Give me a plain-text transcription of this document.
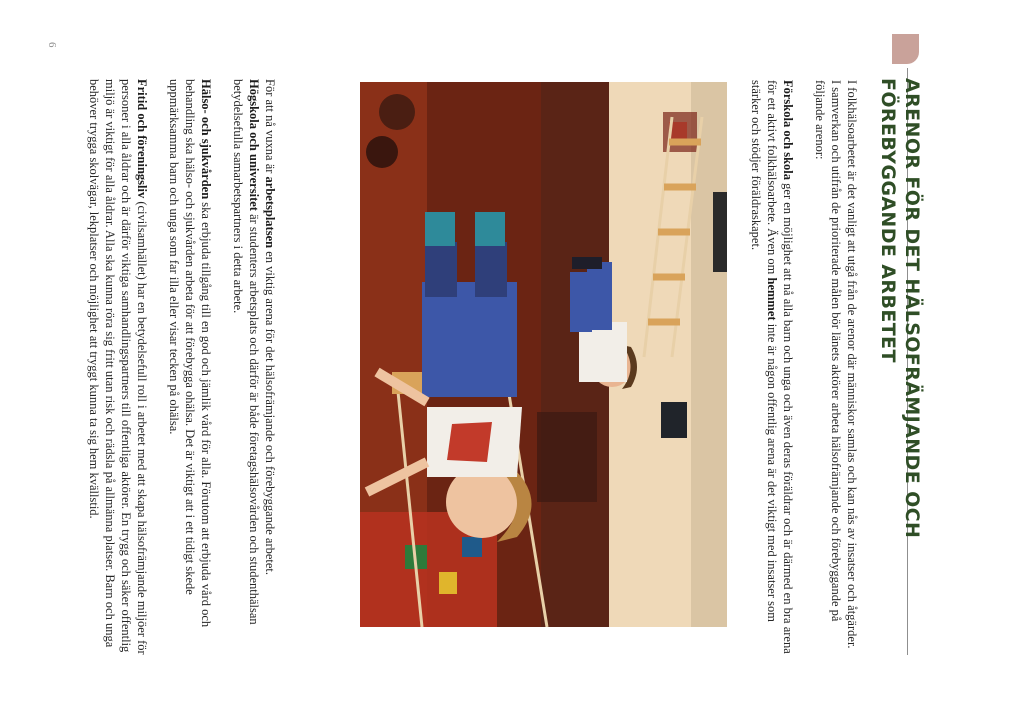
6
ARENOR FÖR DET HÄLSOFRÄMJANDE OCH FÖREBYGGANDE ARBETET

I folkhälsoarbetet är det vanligt att utgå från de arenor där människor samlas och kan nås av insatser och åtgärder. I samverkan och utifrån de prioriterade målen bör länets aktörer arbeta hälsofrämjande och förebyggande på följande arenor:

Förskola och skola ger en möjlighet att nå alla barn och unga och även deras föräldrar och är därmed en bra arena för ett aktivt folkhälsoarbete. Även om hemmet inte är någon offentlig arena är det viktigt med insatser som stärker och stödjer föräldraskapet.

För att nå vuxna är arbetsplatsen en viktig arena för det hälsofrämjande och förebyggande arbetet.
Högskola och universitet är studenters arbetsplats och därför är både företagshälsovården och studenthälsan betydelsefulla samarbetspartners i detta arbete.

Hälso- och sjukvården ska erbjuda tillgång till en god och jämlik vård för alla. Förutom att erbjuda vård och behandling ska hälso- och sjukvården arbeta för att förebygga ohälsa. Det är viktigt att i ett tidigt skede uppmärksamma barn och unga som far illa eller visar tecken på ohälsa.

Fritid och föreningsliv (civilsamhället) har en betydelsefull roll i arbetet med att skapa hälsofrämjande miljöer för personer i alla åldrar och är därför viktiga samhandlingspartners till offentliga aktörer. En trygg och säker offentlig miljö är viktigt för alla åldrar. Alla ska kunna röra sig fritt utan risk och rädsla på allmänna platser. Barn och unga behöver trygga skolvägar, lekplatser och möjlighet att tryggt kunna ta sig hem kvällstid.
